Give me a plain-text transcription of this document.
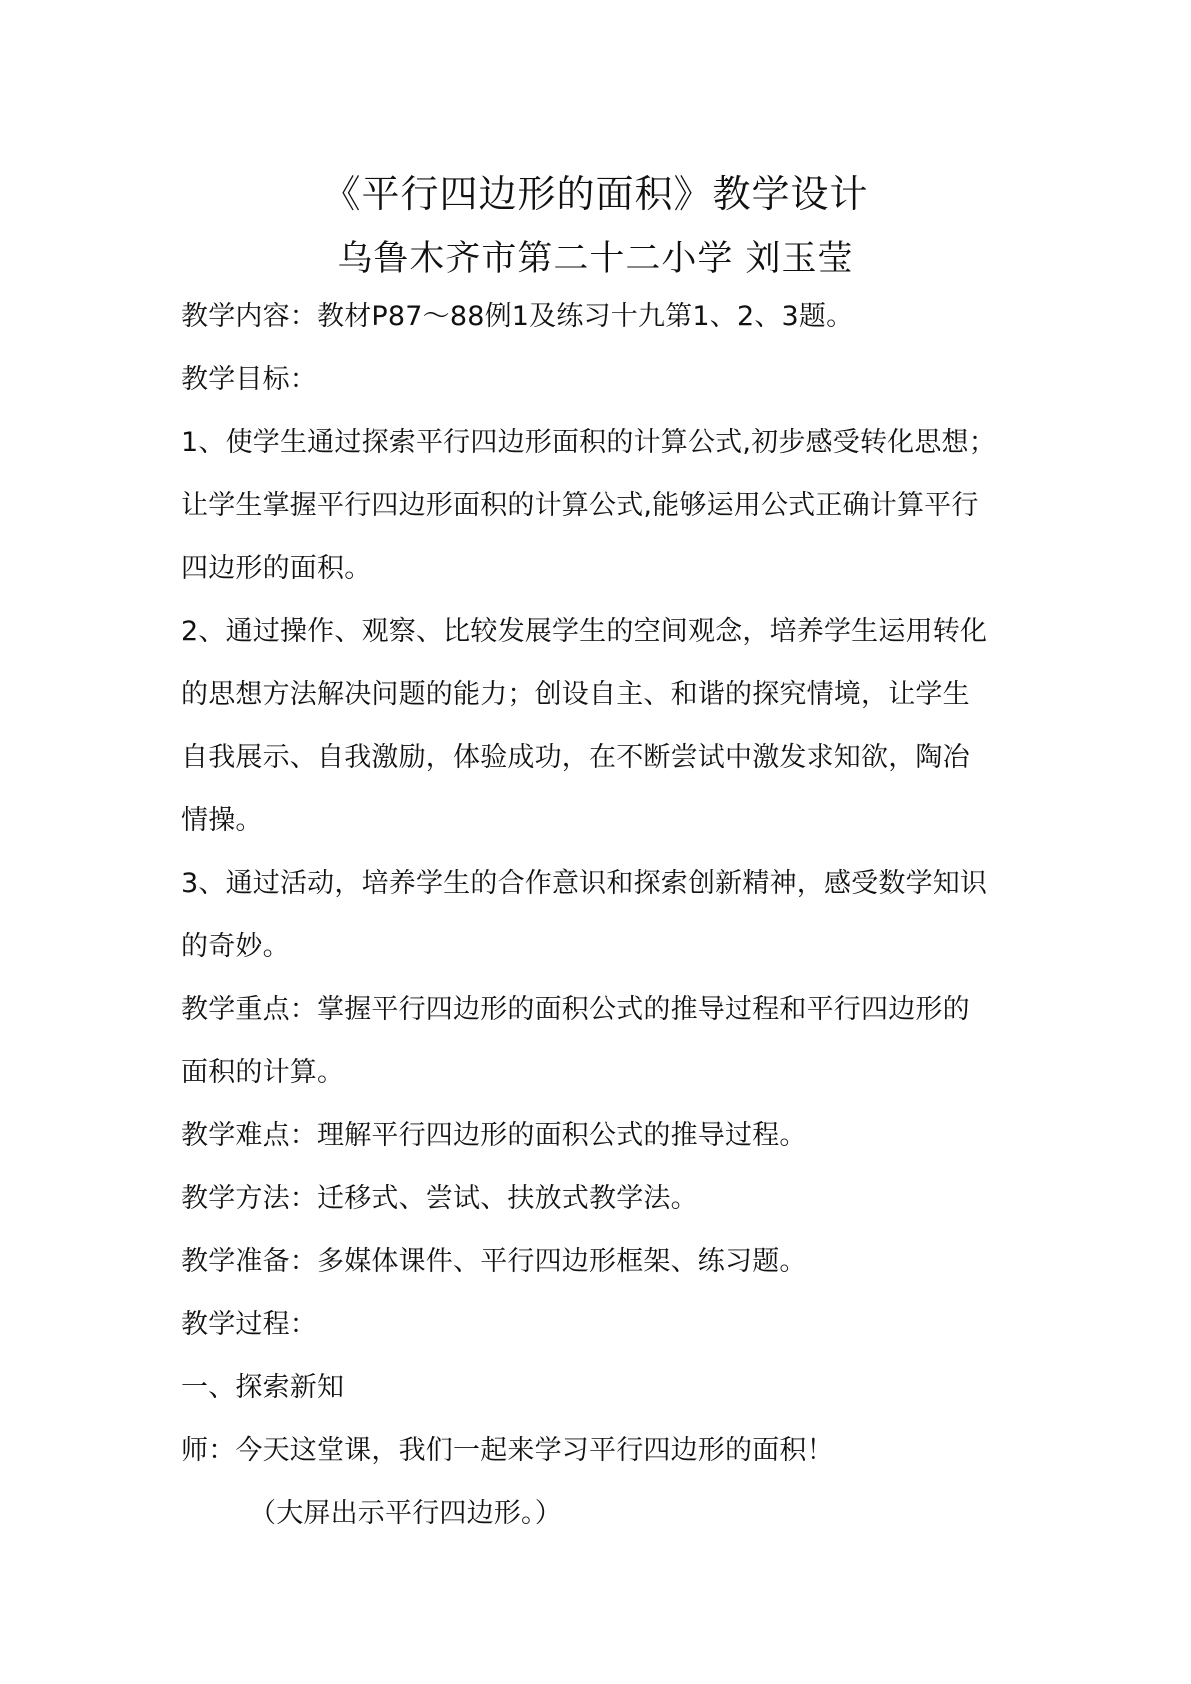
《平行四边形的面积》教学设计
乌鲁木齐市第二十二小学 刘玉莹
教学内容：教材P87～88例1及练习十九第1、2、3题。
教学目标：
1、使学生通过探索平行四边形面积的计算公式,初步感受转化思想；
让学生掌握平行四边形面积的计算公式,能够运用公式正确计算平行
四边形的面积。
2、通过操作、观察、比较发展学生的空间观念，培养学生运用转化
的思想方法解决问题的能力；创设自主、和谐的探究情境，让学生
自我展示、自我激励，体验成功，在不断尝试中激发求知欲，陶冶
情操。
3、通过活动，培养学生的合作意识和探索创新精神，感受数学知识
的奇妙。
教学重点：掌握平行四边形的面积公式的推导过程和平行四边形的
面积的计算。
教学难点：理解平行四边形的面积公式的推导过程。
教学方法：迁移式、尝试、扶放式教学法。
教学准备：多媒体课件、平行四边形框架、练习题。
教学过程：
一、探索新知
师：今天这堂课，我们一起来学习平行四边形的面积！
（大屏出示平行四边形。）
